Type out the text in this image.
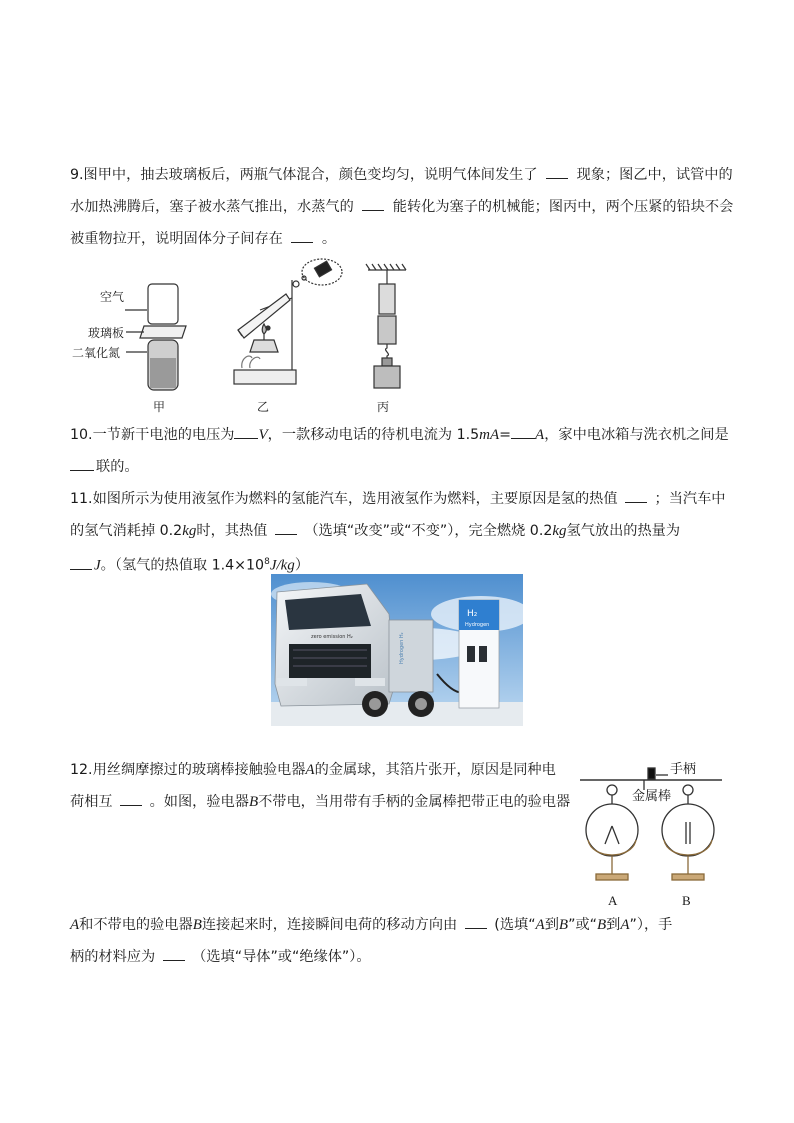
9.图甲中，抽去玻璃板后，两瓶气体混合，颜色变均匀，说明气体间发生了	现象；图乙中，试管中的
水加热沸腾后，塞子被水蒸气推出，水蒸气的	能转化为塞子的机械能；图丙中，两个压紧的铅块不会
被重物拉开，说明固体分子间存在	。
空气
玻璃板
二氧化氮
甲	乙	丙
10.一节新干电池的电压为 V，一款移动电话的待机电流为 1.5mA= A，家中电冰箱与洗衣机之间是
联的。
11.如图所示为使用液氢作为燃料的氢能汽车，选用液氢作为燃料，主要原因是氢的热值	；当汽车中
的氢气消耗掉 0.2kg时，其热值	（选填“改变”或“不变”），完全燃烧 0.2kg氢气放出的热量为
J。（氢气的热值取 $1.4\times 10^8J/kg$）
zero emission H₂	Hydrogen H₂
H₂
Hydrogen
12.用丝绸摩擦过的玻璃棒接触验电器A的金属球，其箔片张开，原因是同种电
荷相互	。如图，验电器B不带电，当用带有手柄的金属棒把带正电的验电器
A和不带电的验电器B连接起来时，连接瞬间电荷的移动方向由	(选填“A到B”或“B到A”），手
柄的材料应为	（选填“导体”或“绝缘体”）。
手柄
金属棒
A	B
